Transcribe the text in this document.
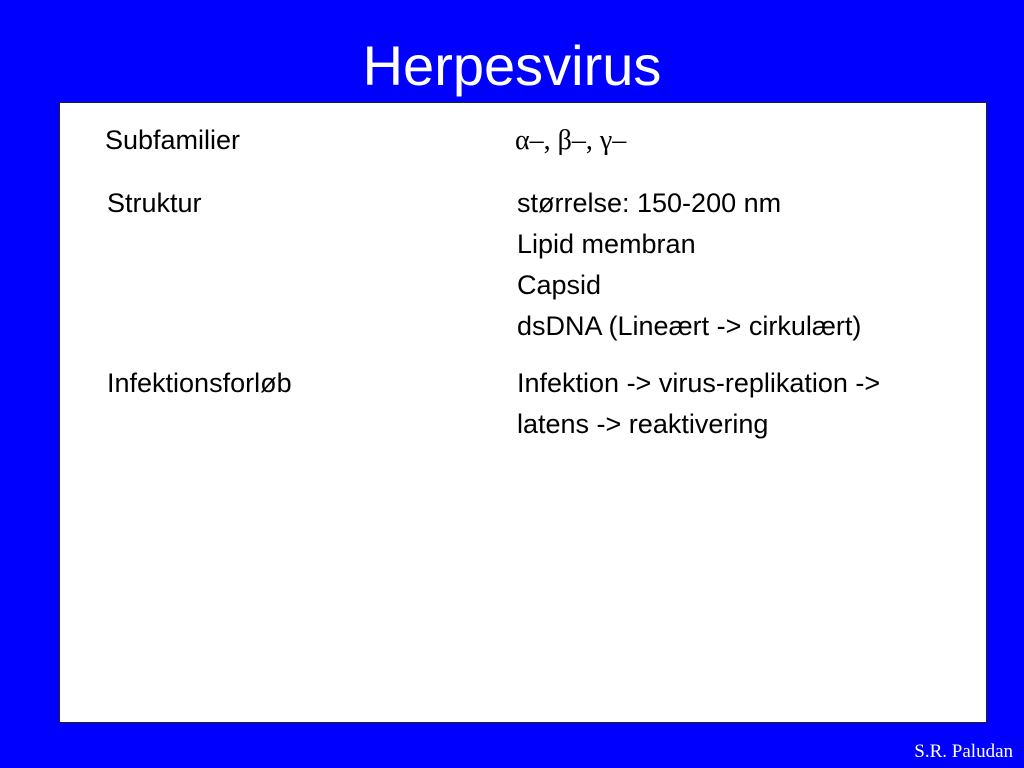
Herpesvirus
Subfamilier	α–, β–, γ–
Struktur	størrelse: 150-200 nm
Lipid membran
Capsid
dsDNA (Lineært -> cirkulært)
Infektionsforløb	Infektion -> virus-replikation ->
latens -> reaktivering
S.R. Paludan
